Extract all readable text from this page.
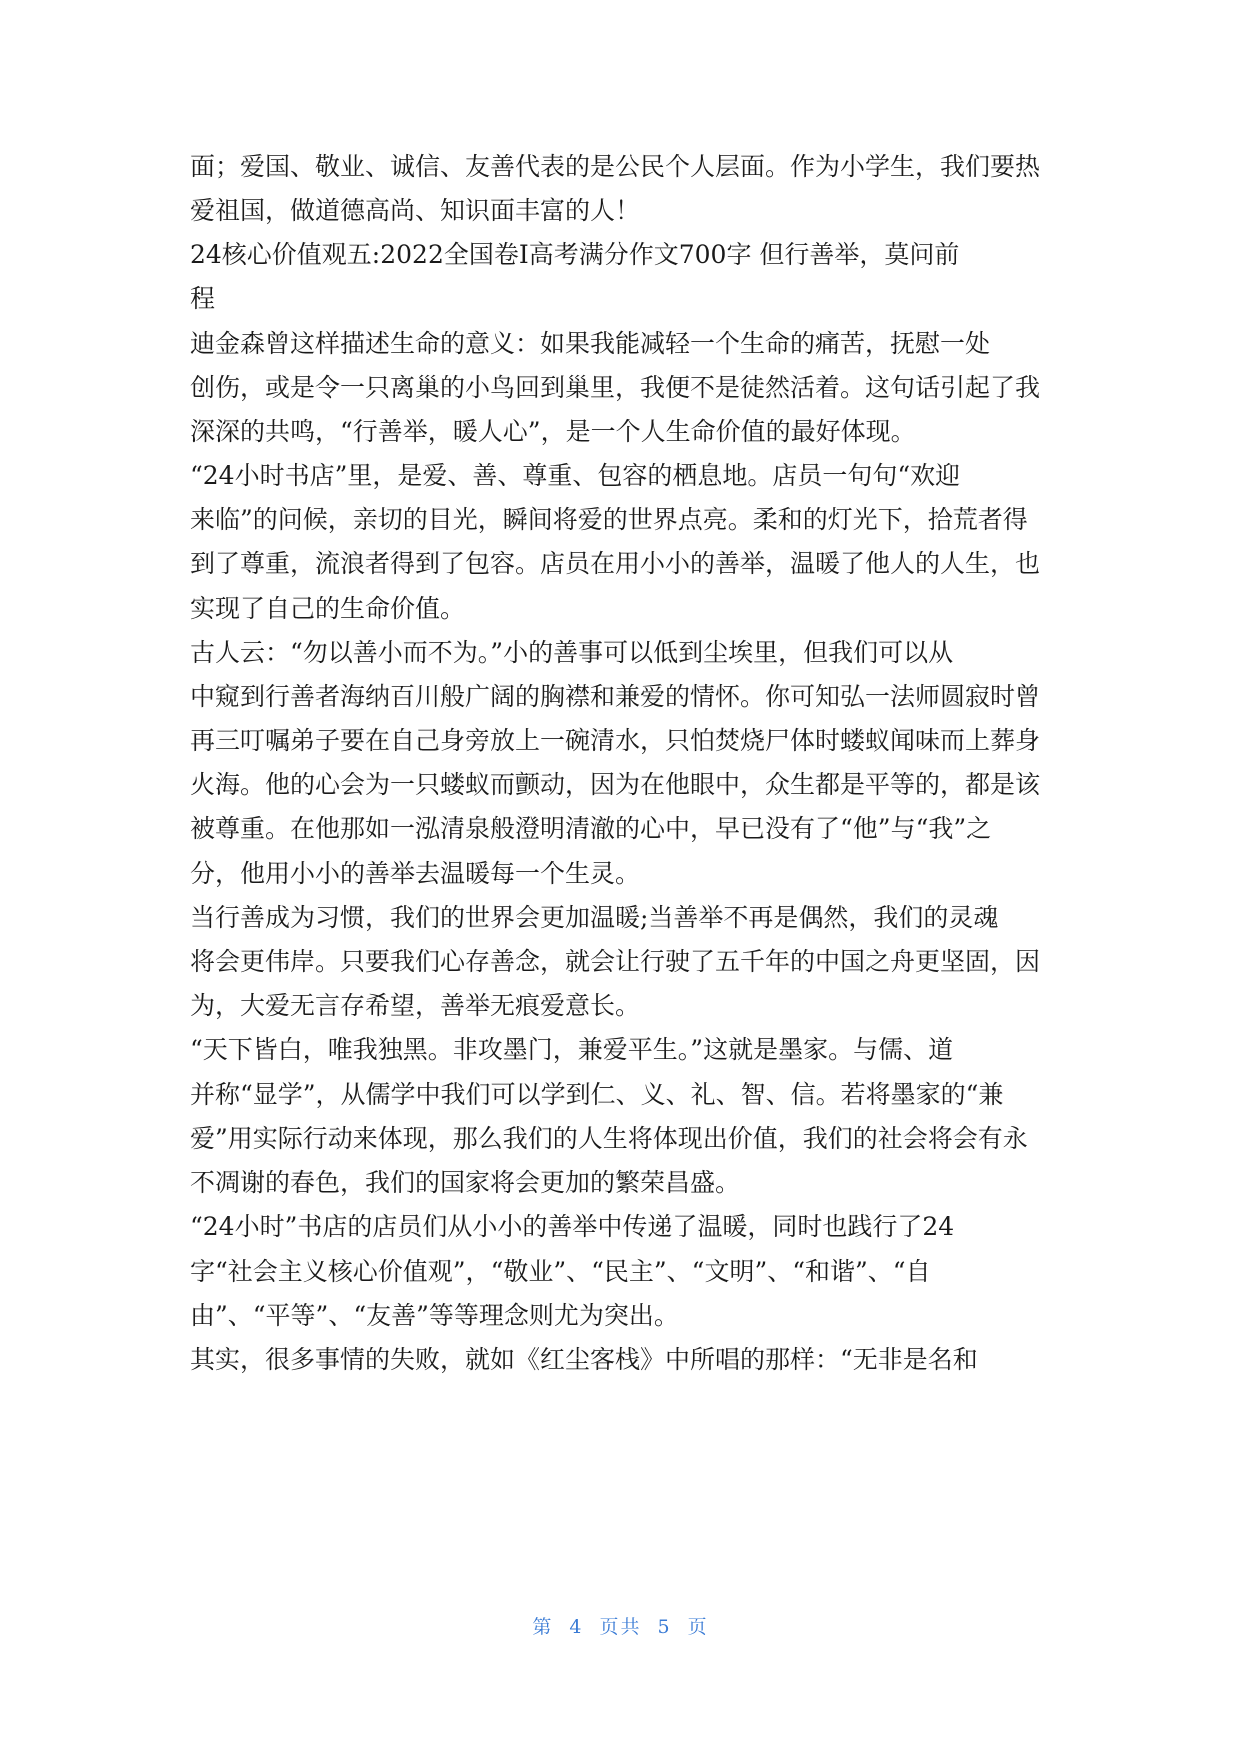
面；爱国、敬业、诚信、友善代表的是公民个人层面。作为小学生，我们要热
爱祖国，做道德高尚、知识面丰富的人！
24核心价值观五:2022全国卷Ⅰ高考满分作文700字 但行善举，莫问前
程
迪金森曾这样描述生命的意义：如果我能减轻一个生命的痛苦，抚慰一处
创伤，或是令一只离巢的小鸟回到巢里，我便不是徒然活着。这句话引起了我
深深的共鸣，“行善举，暖人心”，是一个人生命价值的最好体现。
“24小时书店”里，是爱、善、尊重、包容的栖息地。店员一句句“欢迎
来临”的问候，亲切的目光，瞬间将爱的世界点亮。柔和的灯光下，拾荒者得
到了尊重，流浪者得到了包容。店员在用小小的善举，温暖了他人的人生，也
实现了自己的生命价值。
古人云：“勿以善小而不为。”小的善事可以低到尘埃里，但我们可以从
中窥到行善者海纳百川般广阔的胸襟和兼爱的情怀。你可知弘一法师圆寂时曾
再三叮嘱弟子要在自己身旁放上一碗清水，只怕焚烧尸体时蝼蚁闻味而上葬身
火海。他的心会为一只蝼蚁而颤动，因为在他眼中，众生都是平等的，都是该
被尊重。在他那如一泓清泉般澄明清澈的心中，早已没有了“他”与“我”之
分，他用小小的善举去温暖每一个生灵。
当行善成为习惯，我们的世界会更加温暖;当善举不再是偶然，我们的灵魂
将会更伟岸。只要我们心存善念，就会让行驶了五千年的中国之舟更坚固，因
为，大爱无言存希望，善举无痕爱意长。
“天下皆白，唯我独黑。非攻墨门，兼爱平生。”这就是墨家。与儒、道
并称“显学”，从儒学中我们可以学到仁、义、礼、智、信。若将墨家的“兼
爱”用实际行动来体现，那么我们的人生将体现出价值，我们的社会将会有永
不凋谢的春色，我们的国家将会更加的繁荣昌盛。
“24小时”书店的店员们从小小的善举中传递了温暖，同时也践行了24
字“社会主义核心价值观”，“敬业”、“民主”、“文明”、“和谐”、“自
由”、“平等”、“友善”等等理念则尤为突出。
其实，很多事情的失败，就如《红尘客栈》中所唱的那样：“无非是名和
第 4 页共 5 页
